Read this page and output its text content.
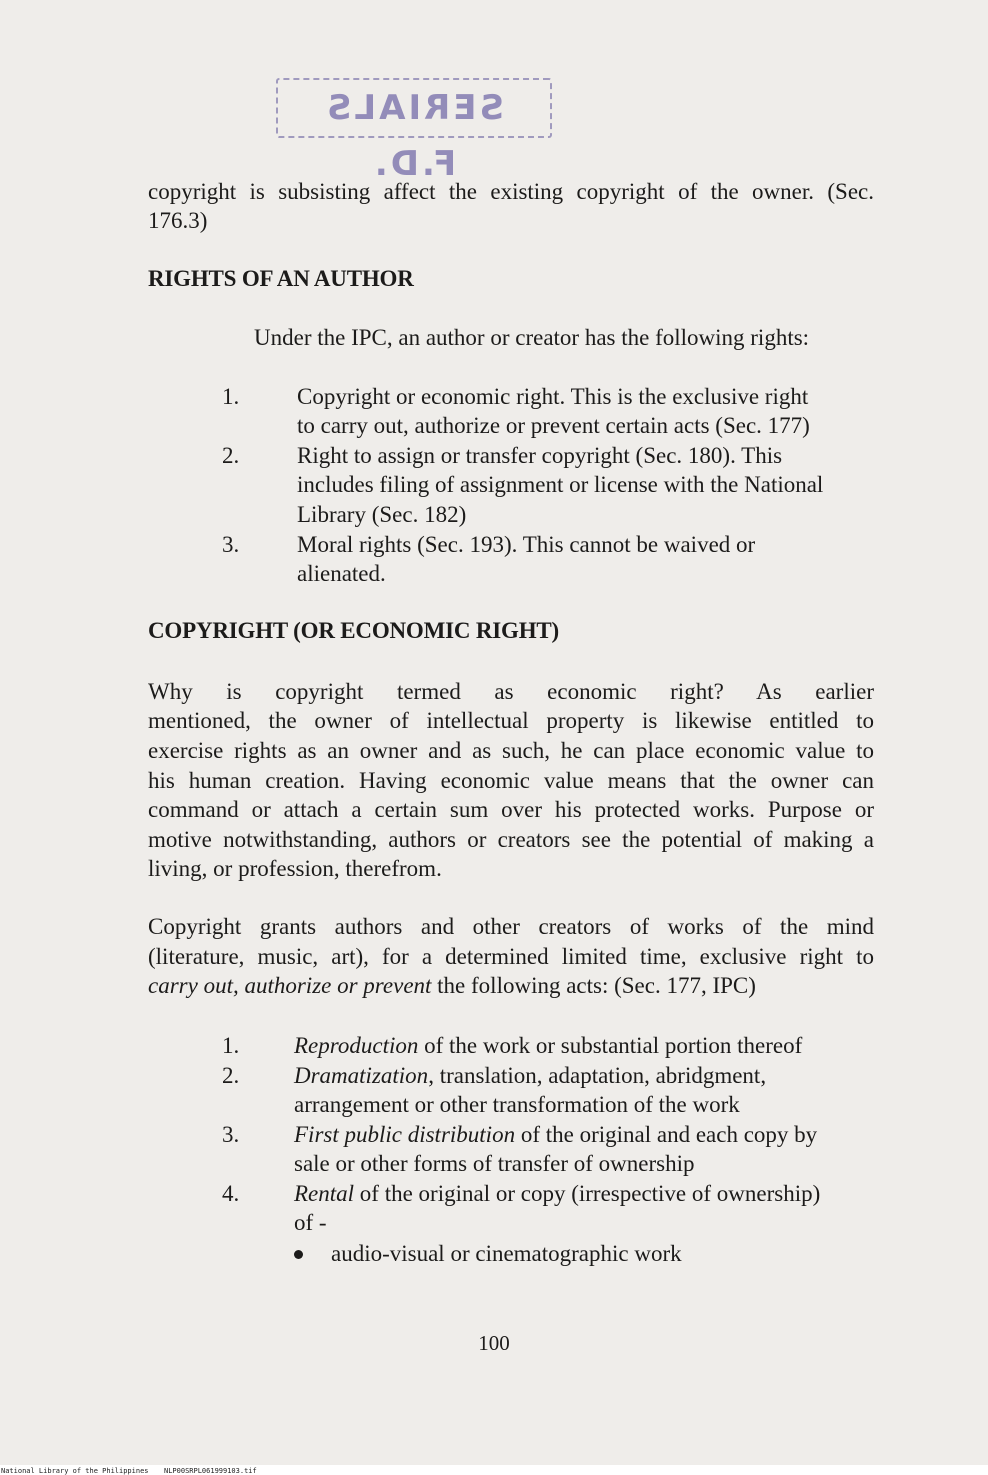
SERIALS F.D.
copyright is subsisting affect the existing copyright of the owner. (Sec.
176.3)
RIGHTS OF AN AUTHOR
Under the IPC, an author or creator has the following rights:
1.	Copyright or economic right. This is the exclusive right
to carry out, authorize or prevent certain acts (Sec. 177)
2.	Right to assign or transfer copyright (Sec. 180). This
includes filing of assignment or license with the National
Library (Sec. 182)
3.	Moral rights (Sec. 193). This cannot be waived or
alienated.
COPYRIGHT (OR ECONOMIC RIGHT)
Why is copyright termed as economic right? As earlier
mentioned, the owner of intellectual property is likewise entitled to
exercise rights as an owner and as such, he can place economic value to
his human creation. Having economic value means that the owner can
command or attach a certain sum over his protected works. Purpose or
motive notwithstanding, authors or creators see the potential of making a
living, or profession, therefrom.
Copyright grants authors and other creators of works of the mind
(literature, music, art), for a determined limited time, exclusive right to
carry out, authorize or prevent the following acts: (Sec. 177, IPC)
1. Reproduction of the work or substantial portion thereof
2. Dramatization, translation, adaptation, abridgment,
arrangement or other transformation of the work
3. First public distribution of the original and each copy by
sale or other forms of transfer of ownership
4. Rental of the original or copy (irrespective of ownership)
of -
audio-visual or cinematographic work
100
National Library of the Philippines NLP00SRPL061999103.tif
